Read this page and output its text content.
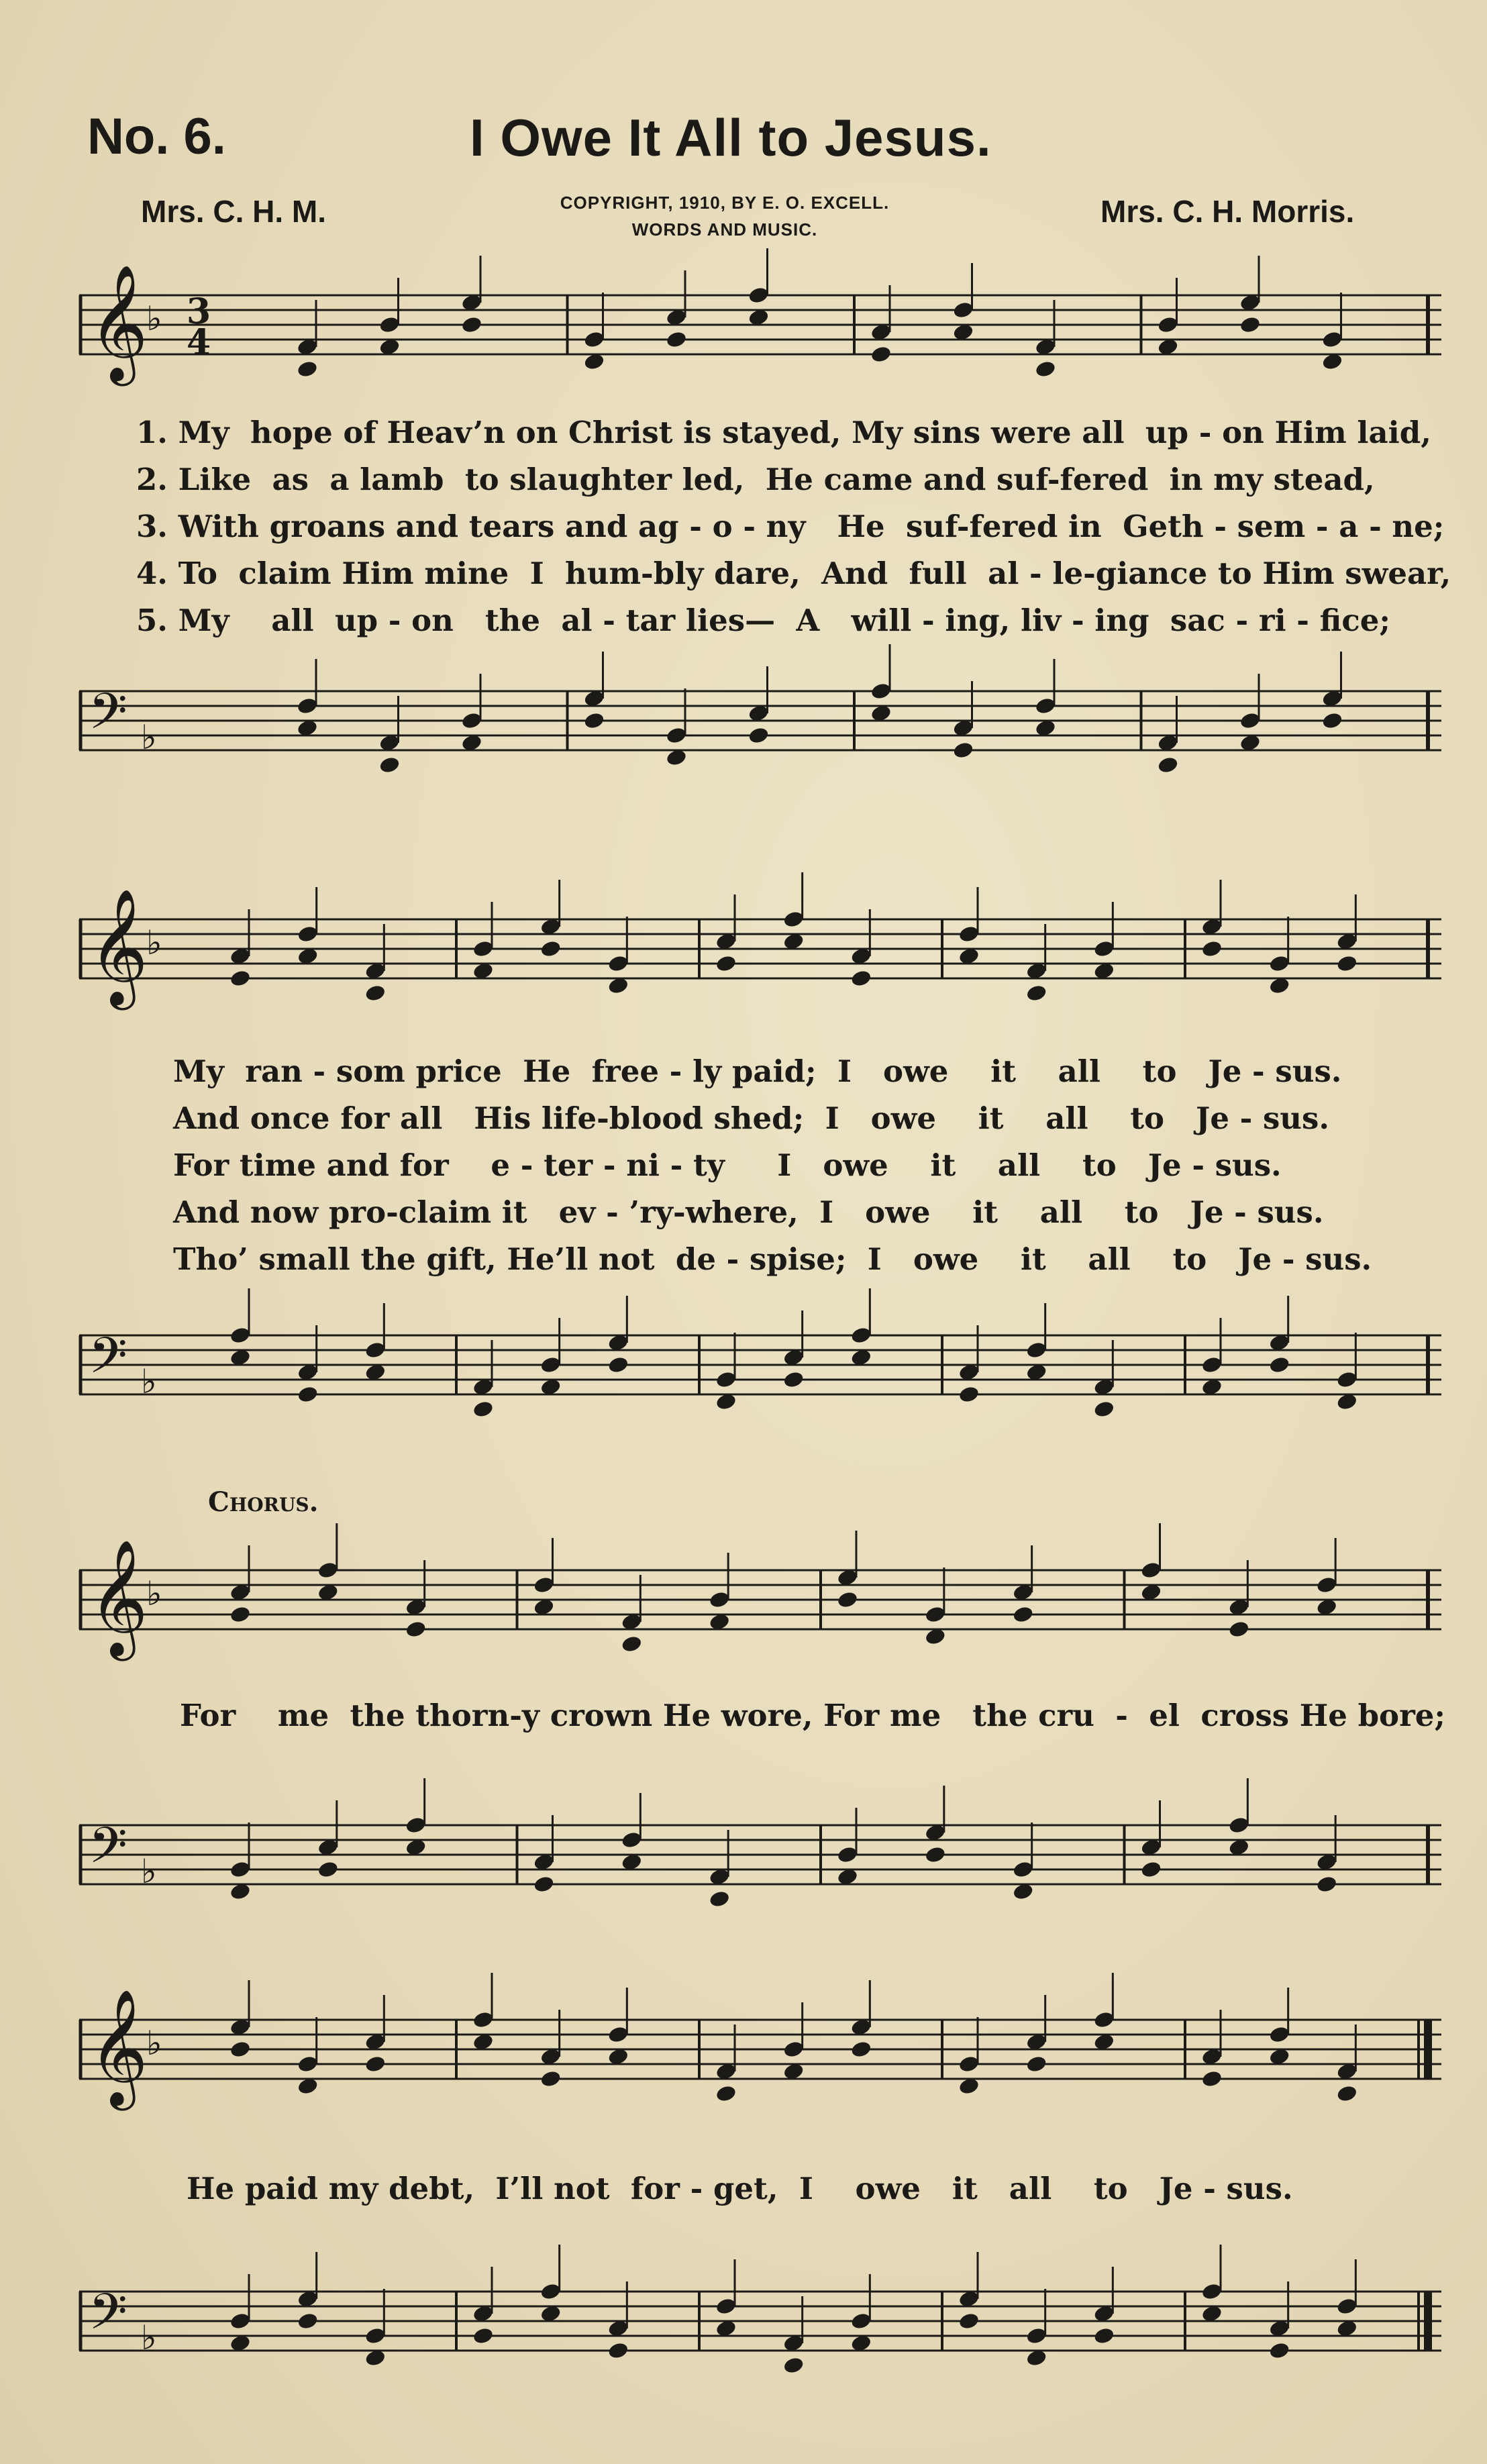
No. 6.	I Owe It All to Jesus.
Mrs. C. H. M.	COPYRIGHT, 1910, BY E. O. EXCELL.
WORDS AND MUSIC.
Mrs. C. H. Morris.
𝄞
♭ 3
4
1. My  hope of Heav’n on Christ is stayed, My sins were all  up - on Him laid,
2. Like  as  a lamb  to slaughter led,  He came and suf-fered  in my stead,
3. With groans and tears and ag - o - ny   He  suf-fered in  Geth - sem - a - ne;
4. To  claim Him mine  I  hum-bly dare,  And  full  al - le-giance to Him swear,
5. My    all  up - on   the  al - tar lies—  A   will - ing, liv - ing  sac - ri - fice;
𝄢 ♭
𝄞
♭
My  ran - som price  He  free - ly paid;  I   owe    it    all    to   Je - sus.
And once for all   His life-blood shed;  I   owe    it    all    to   Je - sus.
For time and for    e - ter - ni - ty     I   owe    it    all    to   Je - sus.
And now pro-claim it   ev - ’ry-where,  I   owe    it    all    to   Je - sus.
Tho’ small the gift, He’ll not  de - spise;  I   owe    it    all    to   Je - sus.
𝄢 ♭
Chorus.
𝄞
♭
For    me  the thorn-y crown He wore, For me   the cru  -  el  cross He bore;
𝄢 ♭
𝄞
♭
He paid my debt,  I’ll not  for - get,  I    owe   it   all    to   Je - sus.
𝄢 ♭
